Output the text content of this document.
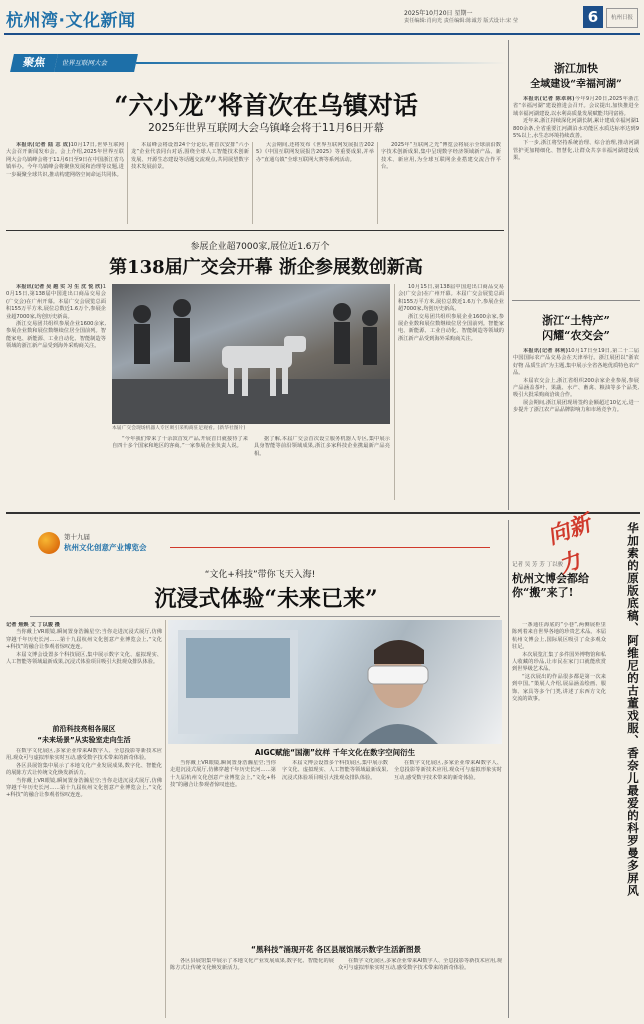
杭州湾·文化新闻	2025年10月20日 星期一
责任编辑:肖向光 责任编辑:陈诚芳 版式设计:宋 莹	6	杭州日报
聚焦	世界互联网大会
“六小龙”将首次在乌镇对话
2025年世界互联网大会乌镇峰会将于11月6日开幕

本报讯(记者 陆 志 成)10月17日,世界互联网大会召开新闻发布会。会上介绍,2025年世界互联网大会乌镇峰会将于11月6日至9日在中国浙江省乌镇举办。今年乌镇峰会将聚焦发展和治理等议题,进一步凝聚全球共识,推动构建网络空间命运共同体。

本届峰会将设置24个分论坛,将首次安排“六小龙”企业代表同台对话,围绕全球人工智能技术创新发展、开源生态建设等话题交流观点,共同展望数字技术发展前景。

大会期间,还将发布《世界互联网发展报告2025》《中国互联网发展报告2025》等重要成果,并举办“直通乌镇”全球互联网大赛等系列活动。

2025年“互联网之光”博览会将展示全球前沿数字技术创新成果,集中呈现数字经济领域新产品、新技术、新应用,为全球互联网企业搭建交流合作平台。

浙江加快
全域建设“幸福河湖”

本报讯(记者 陈卓林)今年9月20日,2025年浙江省“幸福河湖”建设推进会召开。会议提出,加快推进全域幸福河湖建设,以水利高质量发展赋能共同富裕。

近年来,浙江持续深化河湖长制,累计建成幸福河湖1800余条,全省重要江河湖泊水功能区水质达标率达到95%以上,水生态环境持续改善。

下一步,浙江将坚持系统治理、综合治理,推动河湖管护更加精细化、智慧化,让群众共享幸福河湖建设成果。

浙江“土特产”
闪耀“农交会”

本报讯(记者 林利)10月17日至19日,第二十二届中国国际农产品交易会在天津举行。浙江展团以“浙农好物 品质生活”为主题,集中展示全省各地优质特色农产品。

本届农交会上,浙江省组织200余家企业参展,参展产品涵盖茶叶、果蔬、水产、畜禽、粮油等多个品类,吸引大批采购商洽谈合作。

展会期间,浙江展团现场签约金额超过10亿元,进一步提升了浙江农产品品牌影响力和市场竞争力。

参展企业超7000家,展位近1.6万个
第138届广交会开幕 浙企参展数创新高

本报讯(记者 吴 越 实 习 生 沈 悦 欣)10月15日,第138届中国进出口商品交易会(广交会)在广州开幕。本届广交会展览总面积155万平方米,展位总数近1.6万个,参展企业超7000家,均创历史新高。

浙江交易团共组织参展企业1600余家,参展企业数和展位数继续位居全国前列。智能家电、新能源、工业自动化、智能制造等领域的浙江新产品受到海外采购商关注。

本届广交会现场机器人专区吸引采购商驻足观看。(新华社图片)

“今年我们带来了十余款首发产品,开展首日就接待了来自四十多个国家和地区的客商。”一家参展企业负责人说。

据了解,本届广交会首次设立服务机器人专区,集中展示具身智能等前沿领域成果,浙江多家科技企业携最新产品亮相。

10月15日,第138届中国进出口商品交易会(广交会)在广州开幕。本届广交会展览总面积155万平方米,展位总数近1.6万个,参展企业超7000家,均创历史新高。

浙江交易团共组织参展企业1600余家,参展企业数和展位数继续位居全国前列。智能家电、新能源、工业自动化、智能制造等领域的浙江新产品受到海外采购商关注。

第十九届
杭州文化创意产业博览会	向新力
“文化+科技”带你飞天入海!
沉浸式体验“未来已来”

记者 焦焕 文 丁以骏 摄

当你戴上VR眼镜,瞬间置身浩瀚星空;当你走进沉浸式展厅,仿佛穿越千年历史长河……第十九届杭州文化创意产业博览会上,“文化+科技”的融合让参观者惊叹连连。

本届文博会设置多个科技展区,集中展示数字文化、虚拟现实、人工智能等领域最新成果,沉浸式体验项目吸引大批观众排队体验。

AIGC赋能“国潮”纹样 千年文化在数字空间衍生
前沿科技亮相各展区
“未来场景”从实验室走向生活

在数字文化展区,多家企业带来AI数字人、全息投影等新技术应用,观众可与虚拟形象实时互动,感受数字技术带来的新奇体验。

各区县展馆集中展示了本地文化产业发展成果,数字化、智能化的展陈方式让传统文化焕发新活力。

当你戴上VR眼镜,瞬间置身浩瀚星空;当你走进沉浸式展厅,仿佛穿越千年历史长河……第十九届杭州文化创意产业博览会上,“文化+科技”的融合让参观者惊叹连连。

当你戴上VR眼镜,瞬间置身浩瀚星空;当你走进沉浸式展厅,仿佛穿越千年历史长河……第十九届杭州文化创意产业博览会上,“文化+科技”的融合让参观者惊叹连连。

本届文博会设置多个科技展区,集中展示数字文化、虚拟现实、人工智能等领域最新成果,沉浸式体验项目吸引大批观众排队体验。

在数字文化展区,多家企业带来AI数字人、全息投影等新技术应用,观众可与虚拟形象实时互动,感受数字技术带来的新奇体验。

“黑科技”涌现开花 各区县展馆展示数字生活新图景

各区县展馆集中展示了本地文化产业发展成果,数字化、智能化的展陈方式让传统文化焕发新活力。

在数字文化展区,多家企业带来AI数字人、全息投影等新技术应用,观众可与虚拟形象实时互动,感受数字技术带来的新奇体验。

记者 吴 芳 芳 丁以骏
杭州文博会都给你“搬”来了!	华加索的原版底稿、阿维尼的古董戏服、香奈儿最爱的科罗曼多屏风

一条通往海底的“小巷”,两侧展柜里陈列着来自世界各地的珍贵艺术品。本届杭州文博会上,国际展区吸引了众多观众驻足。

本次展览汇集了多件国外博物馆和私人收藏的珍品,让市民在家门口就能欣赏到世界级艺术品。

“这次展出的作品很多都是第一次来到中国。”策展人介绍,展品涵盖绘画、服饰、家具等多个门类,讲述了东西方文化交流的故事。
